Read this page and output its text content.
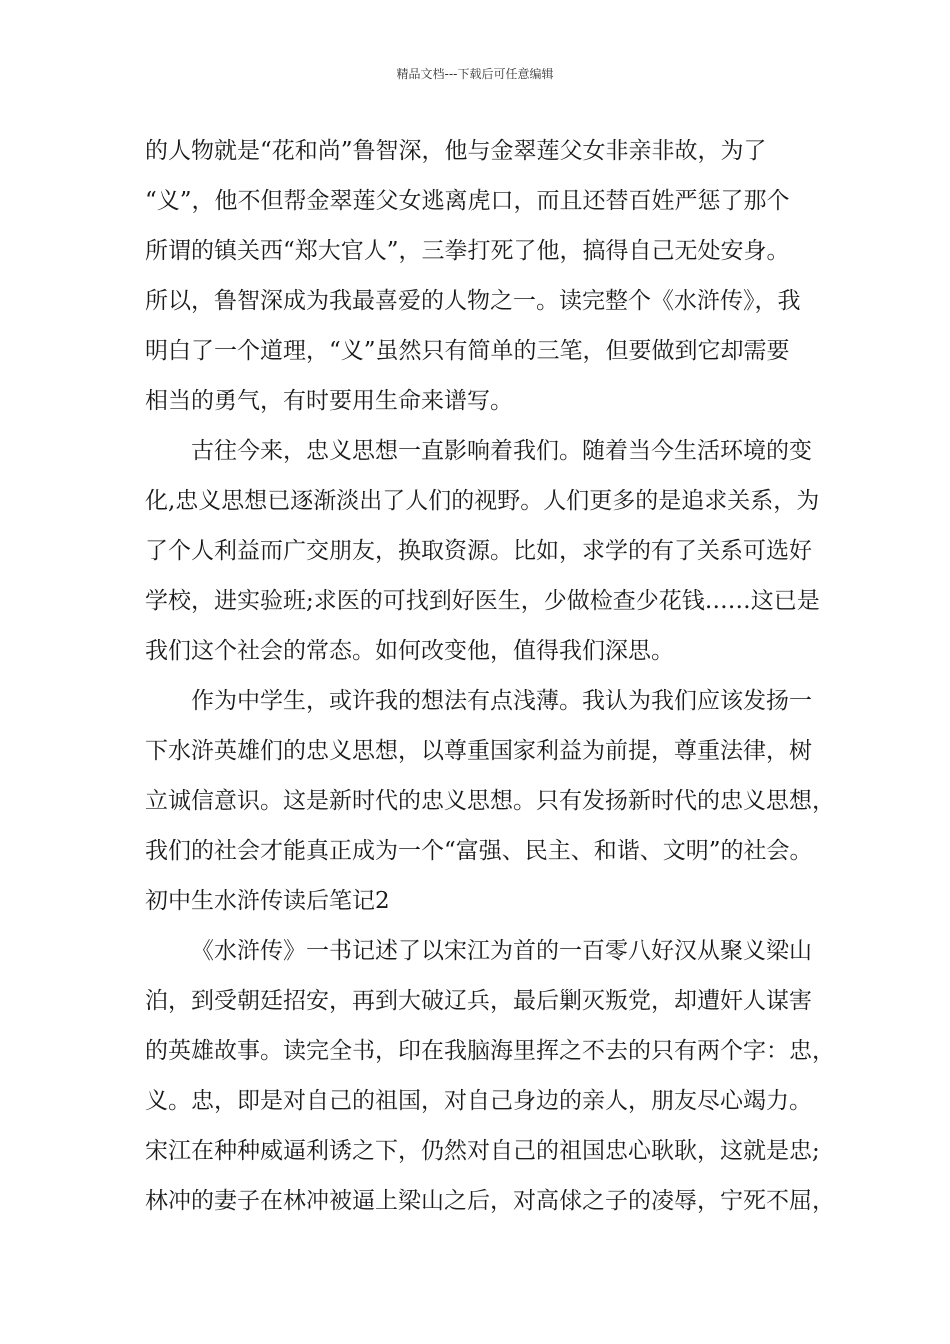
精品文档---下载后可任意编辑
的人物就是“花和尚”鲁智深，他与金翠莲父女非亲非故，为了
“义”，他不但帮金翠莲父女逃离虎口，而且还替百姓严惩了那个
所谓的镇关西“郑大官人”，三拳打死了他，搞得自己无处安身。
所以，鲁智深成为我最喜爱的人物之一。读完整个《水浒传》，我
明白了一个道理，“义”虽然只有简单的三笔，但要做到它却需要
相当的勇气，有时要用生命来谱写。
古往今来，忠义思想一直影响着我们。随着当今生活环境的变
化,忠义思想已逐渐淡出了人们的视野。人们更多的是追求关系，为
了个人利益而广交朋友，换取资源。比如，求学的有了关系可选好
学校，进实验班;求医的可找到好医生，少做检查少花钱……这已是
我们这个社会的常态。如何改变他，值得我们深思。
作为中学生，或许我的想法有点浅薄。我认为我们应该发扬一
下水浒英雄们的忠义思想，以尊重国家利益为前提，尊重法律，树
立诚信意识。这是新时代的忠义思想。只有发扬新时代的忠义思想，
我们的社会才能真正成为一个“富强、民主、和谐、文明”的社会。
初中生水浒传读后笔记2
《水浒传》一书记述了以宋江为首的一百零八好汉从聚义梁山
泊，到受朝廷招安，再到大破辽兵，最后剿灭叛党，却遭奸人谋害
的英雄故事。读完全书，印在我脑海里挥之不去的只有两个字：忠，
义。忠，即是对自己的祖国，对自己身边的亲人，朋友尽心竭力。
宋江在种种威逼利诱之下，仍然对自己的祖国忠心耿耿，这就是忠;
林冲的妻子在林冲被逼上梁山之后，对高俅之子的凌辱，宁死不屈，
